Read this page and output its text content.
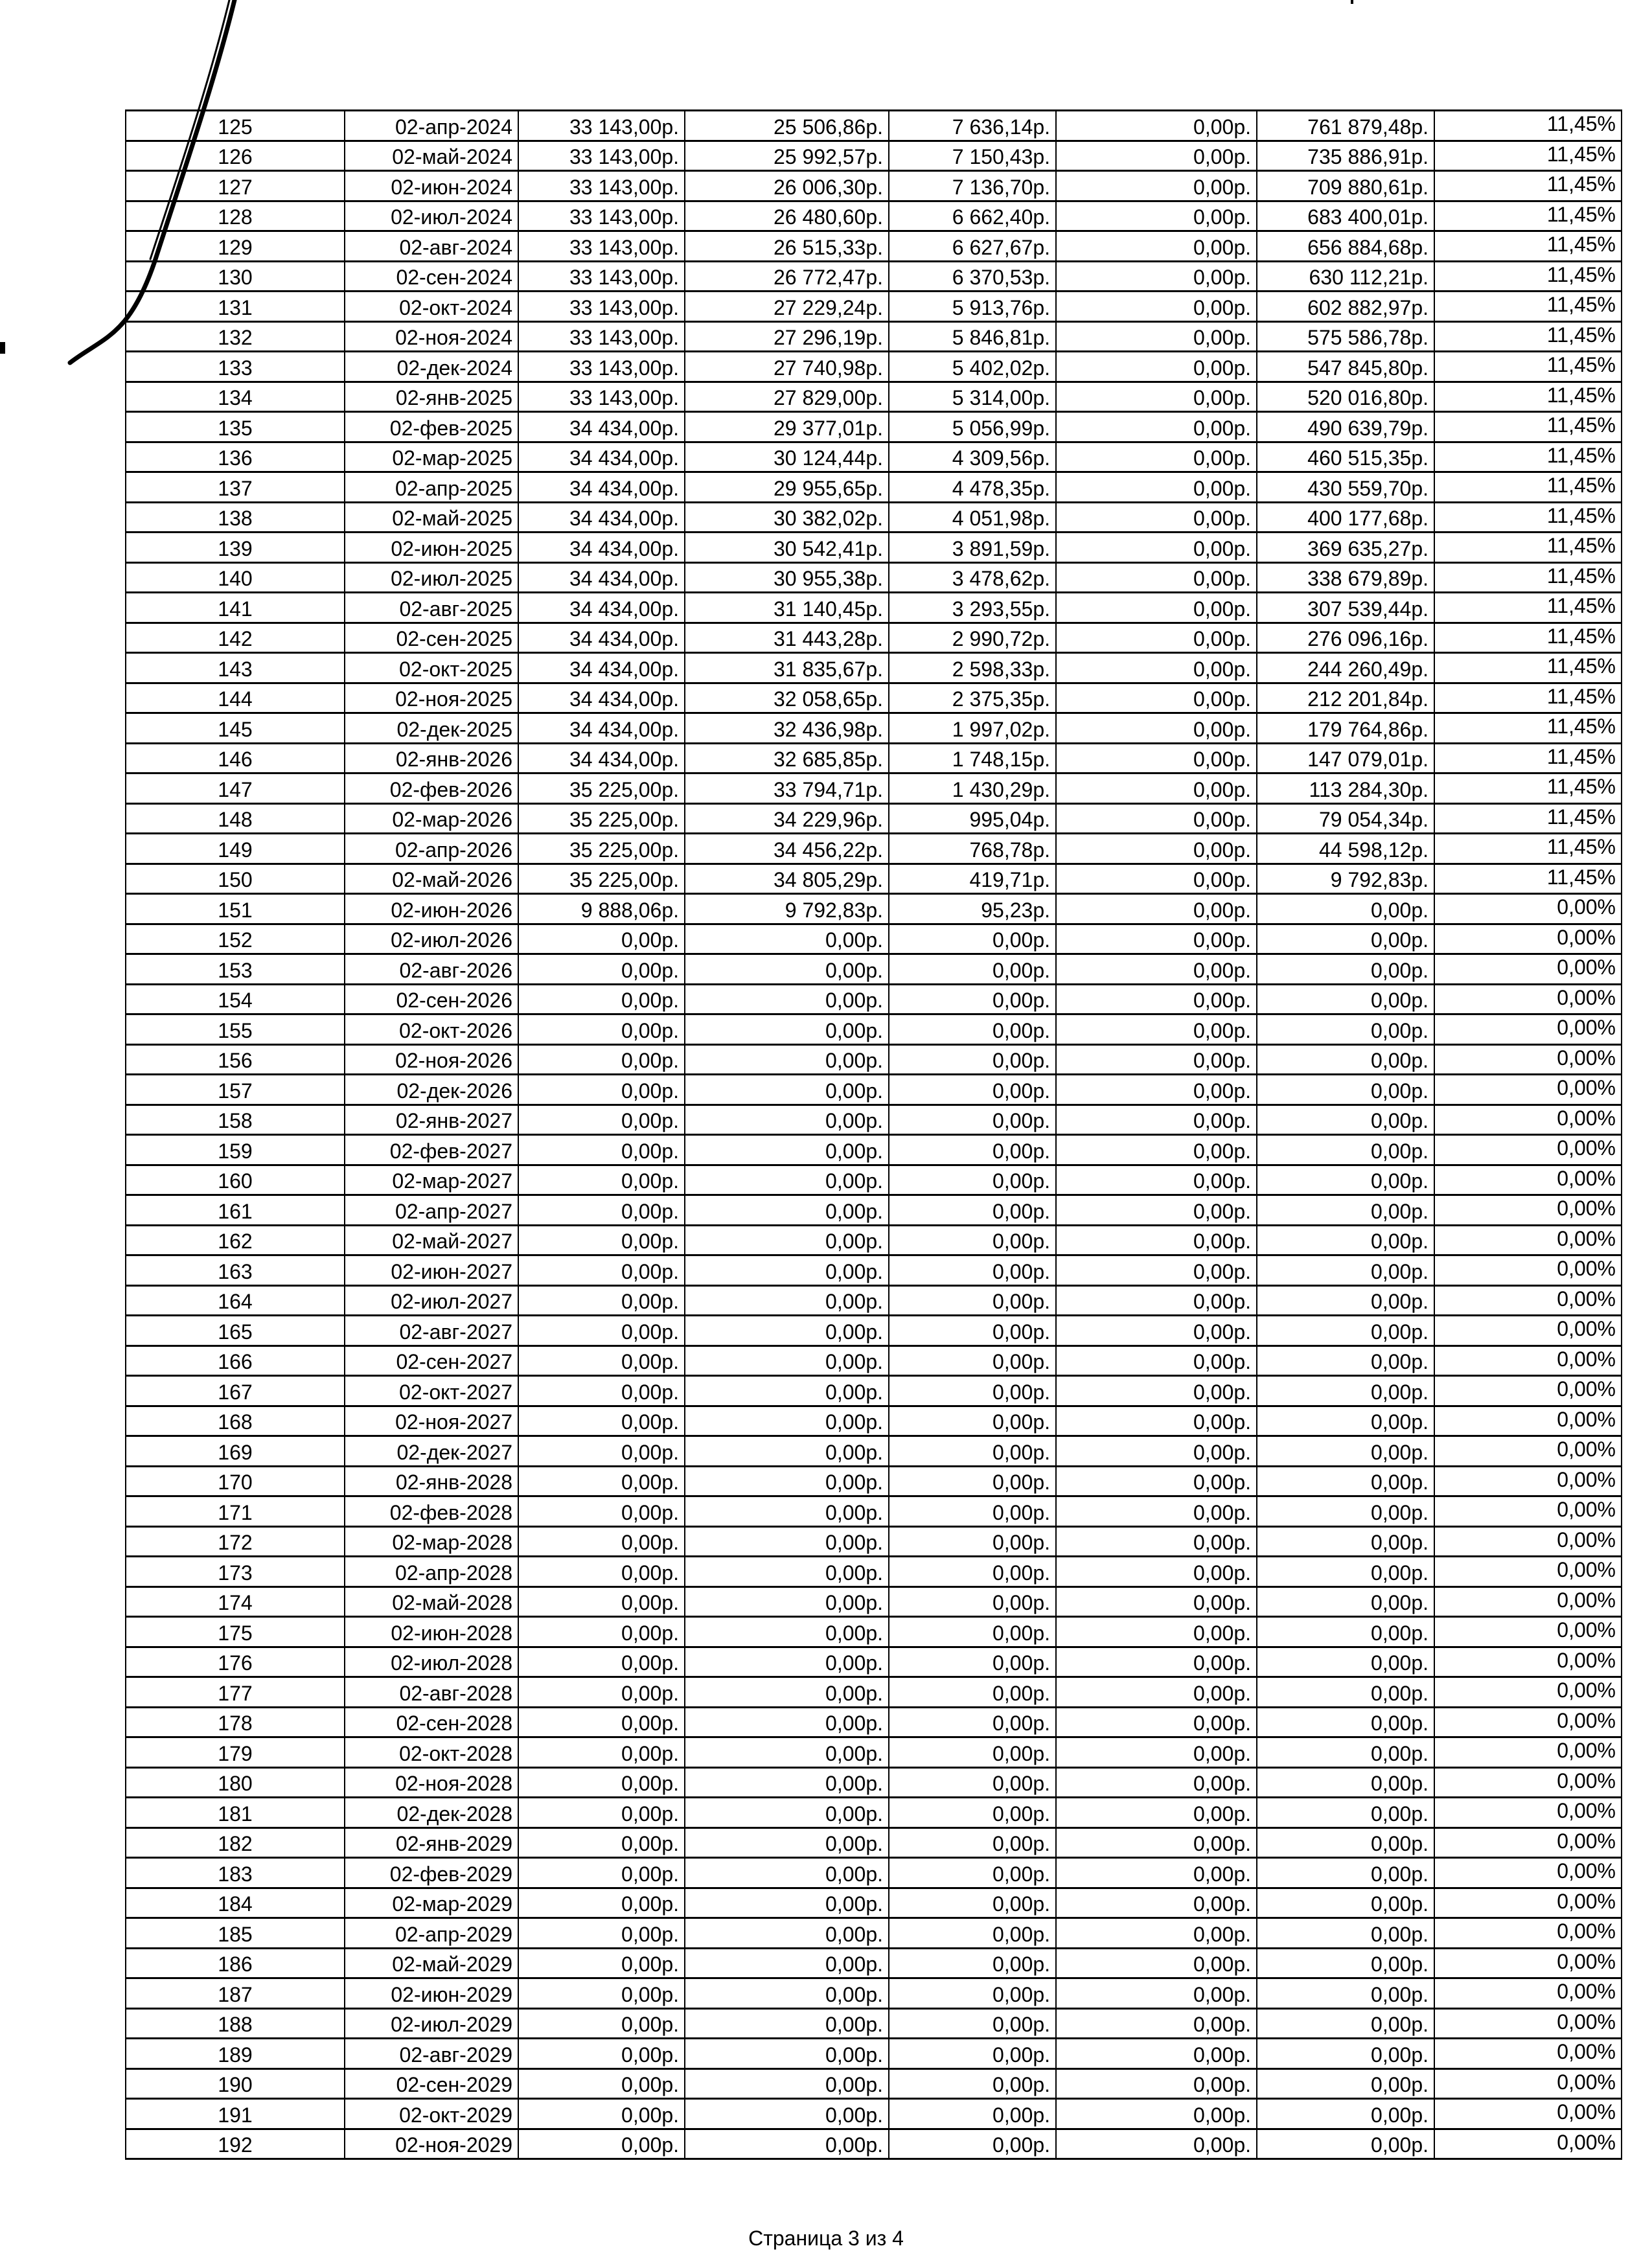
125	02-апр-2024	33 143,00р.	25 506,86р.	7 636,14р.	0,00р.	761 879,48р.	11,45%
126	02-май-2024	33 143,00р.	25 992,57р.	7 150,43р.	0,00р.	735 886,91р.	11,45%
127	02-июн-2024	33 143,00р.	26 006,30р.	7 136,70р.	0,00р.	709 880,61р.	11,45%
128	02-июл-2024	33 143,00р.	26 480,60р.	6 662,40р.	0,00р.	683 400,01р.	11,45%
129	02-авг-2024	33 143,00р.	26 515,33р.	6 627,67р.	0,00р.	656 884,68р.	11,45%
130	02-сен-2024	33 143,00р.	26 772,47р.	6 370,53р.	0,00р.	630 112,21р.	11,45%
131	02-окт-2024	33 143,00р.	27 229,24р.	5 913,76р.	0,00р.	602 882,97р.	11,45%
132	02-ноя-2024	33 143,00р.	27 296,19р.	5 846,81р.	0,00р.	575 586,78р.	11,45%
133	02-дек-2024	33 143,00р.	27 740,98р.	5 402,02р.	0,00р.	547 845,80р.	11,45%
134	02-янв-2025	33 143,00р.	27 829,00р.	5 314,00р.	0,00р.	520 016,80р.	11,45%
135	02-фев-2025	34 434,00р.	29 377,01р.	5 056,99р.	0,00р.	490 639,79р.	11,45%
136	02-мар-2025	34 434,00р.	30 124,44р.	4 309,56р.	0,00р.	460 515,35р.	11,45%
137	02-апр-2025	34 434,00р.	29 955,65р.	4 478,35р.	0,00р.	430 559,70р.	11,45%
138	02-май-2025	34 434,00р.	30 382,02р.	4 051,98р.	0,00р.	400 177,68р.	11,45%
139	02-июн-2025	34 434,00р.	30 542,41р.	3 891,59р.	0,00р.	369 635,27р.	11,45%
140	02-июл-2025	34 434,00р.	30 955,38р.	3 478,62р.	0,00р.	338 679,89р.	11,45%
141	02-авг-2025	34 434,00р.	31 140,45р.	3 293,55р.	0,00р.	307 539,44р.	11,45%
142	02-сен-2025	34 434,00р.	31 443,28р.	2 990,72р.	0,00р.	276 096,16р.	11,45%
143	02-окт-2025	34 434,00р.	31 835,67р.	2 598,33р.	0,00р.	244 260,49р.	11,45%
144	02-ноя-2025	34 434,00р.	32 058,65р.	2 375,35р.	0,00р.	212 201,84р.	11,45%
145	02-дек-2025	34 434,00р.	32 436,98р.	1 997,02р.	0,00р.	179 764,86р.	11,45%
146	02-янв-2026	34 434,00р.	32 685,85р.	1 748,15р.	0,00р.	147 079,01р.	11,45%
147	02-фев-2026	35 225,00р.	33 794,71р.	1 430,29р.	0,00р.	113 284,30р.	11,45%
148	02-мар-2026	35 225,00р.	34 229,96р.	995,04р.	0,00р.	79 054,34р.	11,45%
149	02-апр-2026	35 225,00р.	34 456,22р.	768,78р.	0,00р.	44 598,12р.	11,45%
150	02-май-2026	35 225,00р.	34 805,29р.	419,71р.	0,00р.	9 792,83р.	11,45%
151	02-июн-2026	9 888,06р.	9 792,83р.	95,23р.	0,00р.	0,00р.	0,00%
152	02-июл-2026	0,00р.	0,00р.	0,00р.	0,00р.	0,00р.	0,00%
153	02-авг-2026	0,00р.	0,00р.	0,00р.	0,00р.	0,00р.	0,00%
154	02-сен-2026	0,00р.	0,00р.	0,00р.	0,00р.	0,00р.	0,00%
155	02-окт-2026	0,00р.	0,00р.	0,00р.	0,00р.	0,00р.	0,00%
156	02-ноя-2026	0,00р.	0,00р.	0,00р.	0,00р.	0,00р.	0,00%
157	02-дек-2026	0,00р.	0,00р.	0,00р.	0,00р.	0,00р.	0,00%
158	02-янв-2027	0,00р.	0,00р.	0,00р.	0,00р.	0,00р.	0,00%
159	02-фев-2027	0,00р.	0,00р.	0,00р.	0,00р.	0,00р.	0,00%
160	02-мар-2027	0,00р.	0,00р.	0,00р.	0,00р.	0,00р.	0,00%
161	02-апр-2027	0,00р.	0,00р.	0,00р.	0,00р.	0,00р.	0,00%
162	02-май-2027	0,00р.	0,00р.	0,00р.	0,00р.	0,00р.	0,00%
163	02-июн-2027	0,00р.	0,00р.	0,00р.	0,00р.	0,00р.	0,00%
164	02-июл-2027	0,00р.	0,00р.	0,00р.	0,00р.	0,00р.	0,00%
165	02-авг-2027	0,00р.	0,00р.	0,00р.	0,00р.	0,00р.	0,00%
166	02-сен-2027	0,00р.	0,00р.	0,00р.	0,00р.	0,00р.	0,00%
167	02-окт-2027	0,00р.	0,00р.	0,00р.	0,00р.	0,00р.	0,00%
168	02-ноя-2027	0,00р.	0,00р.	0,00р.	0,00р.	0,00р.	0,00%
169	02-дек-2027	0,00р.	0,00р.	0,00р.	0,00р.	0,00р.	0,00%
170	02-янв-2028	0,00р.	0,00р.	0,00р.	0,00р.	0,00р.	0,00%
171	02-фев-2028	0,00р.	0,00р.	0,00р.	0,00р.	0,00р.	0,00%
172	02-мар-2028	0,00р.	0,00р.	0,00р.	0,00р.	0,00р.	0,00%
173	02-апр-2028	0,00р.	0,00р.	0,00р.	0,00р.	0,00р.	0,00%
174	02-май-2028	0,00р.	0,00р.	0,00р.	0,00р.	0,00р.	0,00%
175	02-июн-2028	0,00р.	0,00р.	0,00р.	0,00р.	0,00р.	0,00%
176	02-июл-2028	0,00р.	0,00р.	0,00р.	0,00р.	0,00р.	0,00%
177	02-авг-2028	0,00р.	0,00р.	0,00р.	0,00р.	0,00р.	0,00%
178	02-сен-2028	0,00р.	0,00р.	0,00р.	0,00р.	0,00р.	0,00%
179	02-окт-2028	0,00р.	0,00р.	0,00р.	0,00р.	0,00р.	0,00%
180	02-ноя-2028	0,00р.	0,00р.	0,00р.	0,00р.	0,00р.	0,00%
181	02-дек-2028	0,00р.	0,00р.	0,00р.	0,00р.	0,00р.	0,00%
182	02-янв-2029	0,00р.	0,00р.	0,00р.	0,00р.	0,00р.	0,00%
183	02-фев-2029	0,00р.	0,00р.	0,00р.	0,00р.	0,00р.	0,00%
184	02-мар-2029	0,00р.	0,00р.	0,00р.	0,00р.	0,00р.	0,00%
185	02-апр-2029	0,00р.	0,00р.	0,00р.	0,00р.	0,00р.	0,00%
186	02-май-2029	0,00р.	0,00р.	0,00р.	0,00р.	0,00р.	0,00%
187	02-июн-2029	0,00р.	0,00р.	0,00р.	0,00р.	0,00р.	0,00%
188	02-июл-2029	0,00р.	0,00р.	0,00р.	0,00р.	0,00р.	0,00%
189	02-авг-2029	0,00р.	0,00р.	0,00р.	0,00р.	0,00р.	0,00%
190	02-сен-2029	0,00р.	0,00р.	0,00р.	0,00р.	0,00р.	0,00%
191	02-окт-2029	0,00р.	0,00р.	0,00р.	0,00р.	0,00р.	0,00%
192	02-ноя-2029	0,00р.	0,00р.	0,00р.	0,00р.	0,00р.	0,00%
Страница 3 из 4
